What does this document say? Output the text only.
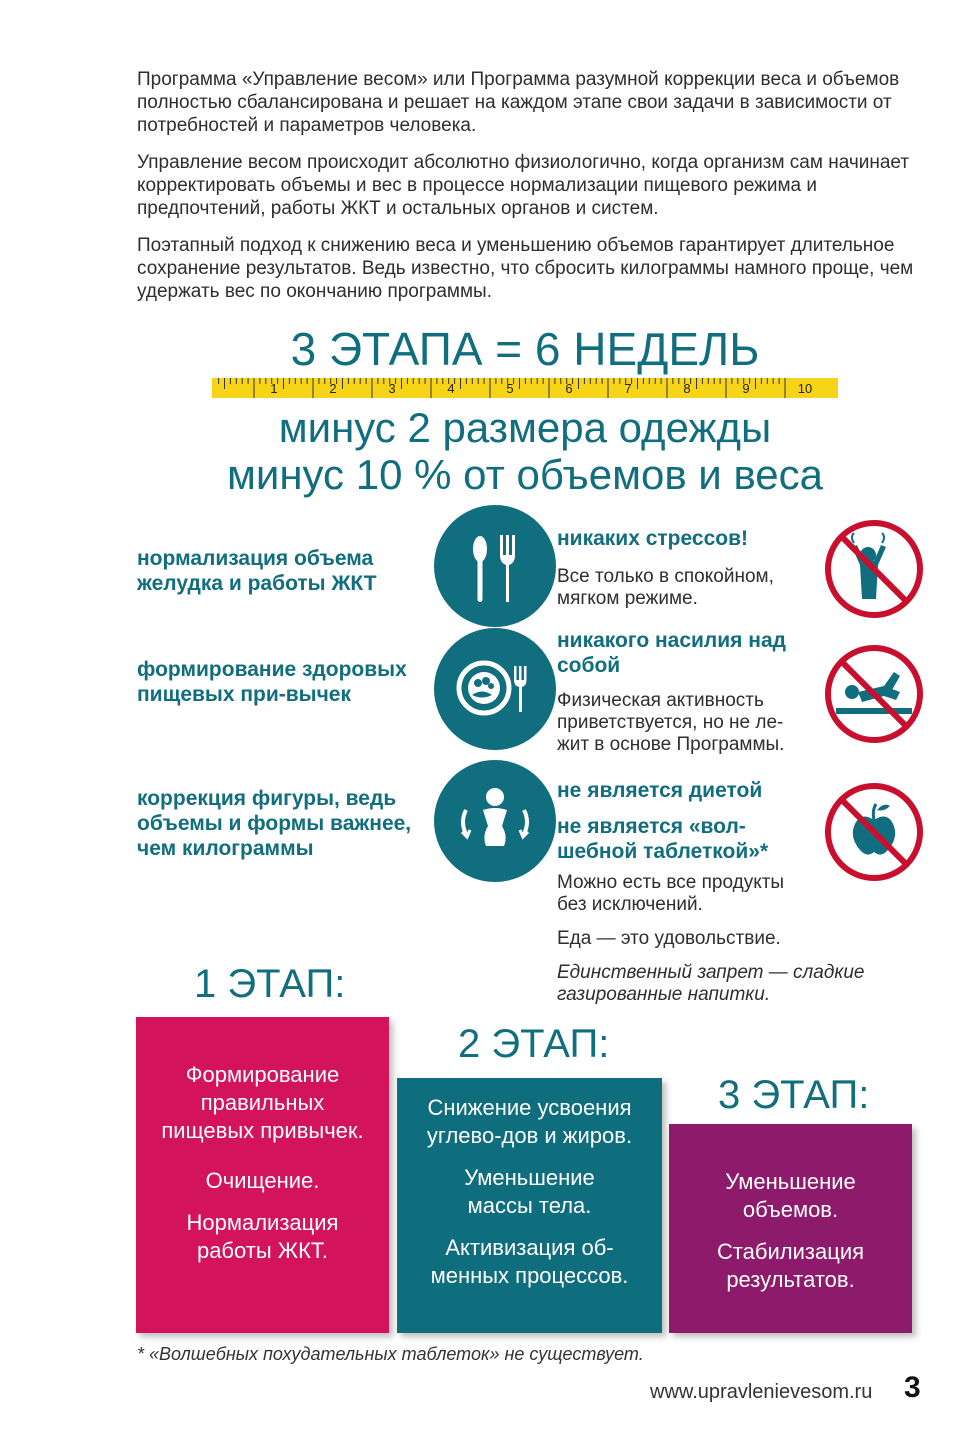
Программа «Управление весом» или Программа разумной коррекции веса и объемов полностью сбалансирована и решает на каждом этапе свои задачи в зависимости от потребностей и параметров человека.

Управление весом происходит абсолютно физиологично, когда организм сам начинает корректировать объемы и вес в процессе нормализации пищевого режима и предпочтений, работы ЖКТ и остальных органов и систем.

Поэтапный подход к снижению веса и уменьшению объемов гарантирует длительное сохранение результатов. Ведь известно, что сбросить килограммы намного проще, чем удержать вес по окончанию программы.

3 ЭТАПА = 6 НЕДЕЛЬ
1	2	3	4	5	6	7	8	9	10
минус 2 размера одежды
минус 10 % от объемов и веса

нормализация объема желудка и работы ЖКТ

формирование здоровых пищевых при-вычек

коррекция фигуры, ведь объемы и формы важнее, чем килограммы

никаких стрессов!

Все только в спокойном, мягком режиме.

никакого насилия над собой

Физическая активность приветствуется, но не ле-жит в основе Программы.

не является диетой

не является «вол-шебной таблеткой»*

Можно есть все продукты без исключений.

Еда — это удовольствие.

Единственный запрет — сладкие газированные напитки.

1 ЭТАП:
2 ЭТАП:
3 ЭТАП:

Формирование правильных пищевых привычек.

Очищение.

Нормализация работы ЖКТ.

Снижение усвоения углево-дов и жиров.

Уменьшение массы тела.

Активизация об-менных процессов.

Уменьшение объемов.

Стабилизация результатов.

* «Волшебных похудательных таблеток» не существует.

www.upravlenievesom.ru 3
